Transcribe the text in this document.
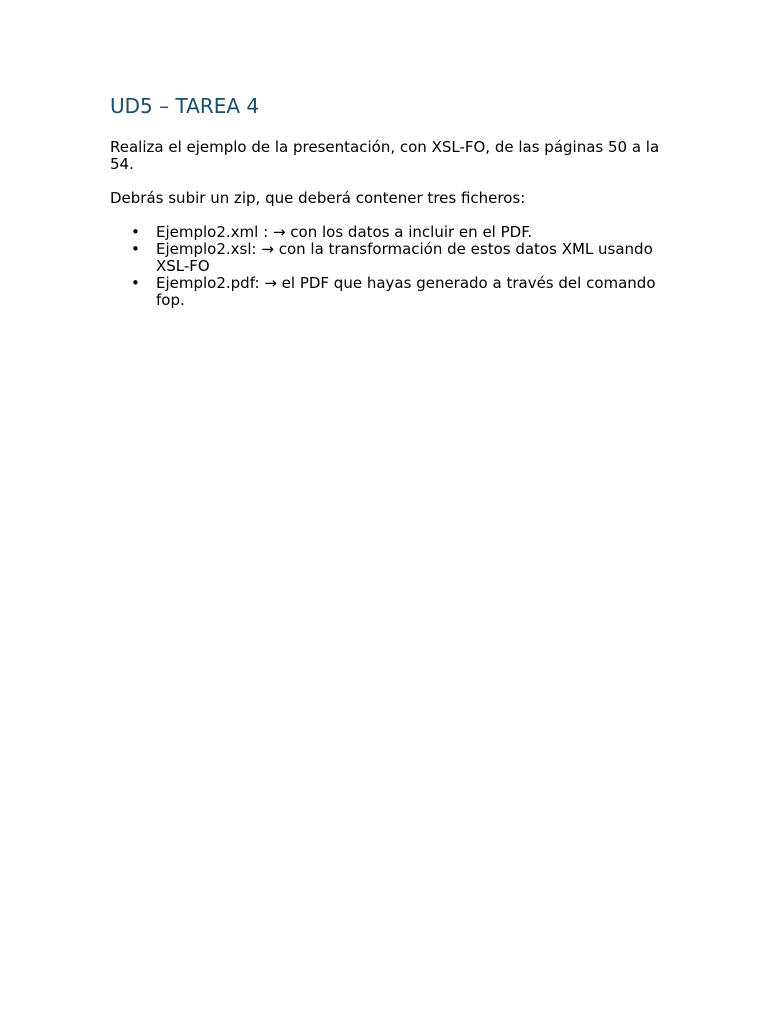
UD5 – TAREA 4

Realiza el ejemplo de la presentación, con XSL-FO, de las páginas 50 a la 54.

Debrás subir un zip, que deberá contener tres ficheros:

• Ejemplo2.xml : → con los datos a incluir en el PDF.
• Ejemplo2.xsl: → con la transformación de estos datos XML usando XSL-FO
• Ejemplo2.pdf: → el PDF que hayas generado a través del comando fop.
